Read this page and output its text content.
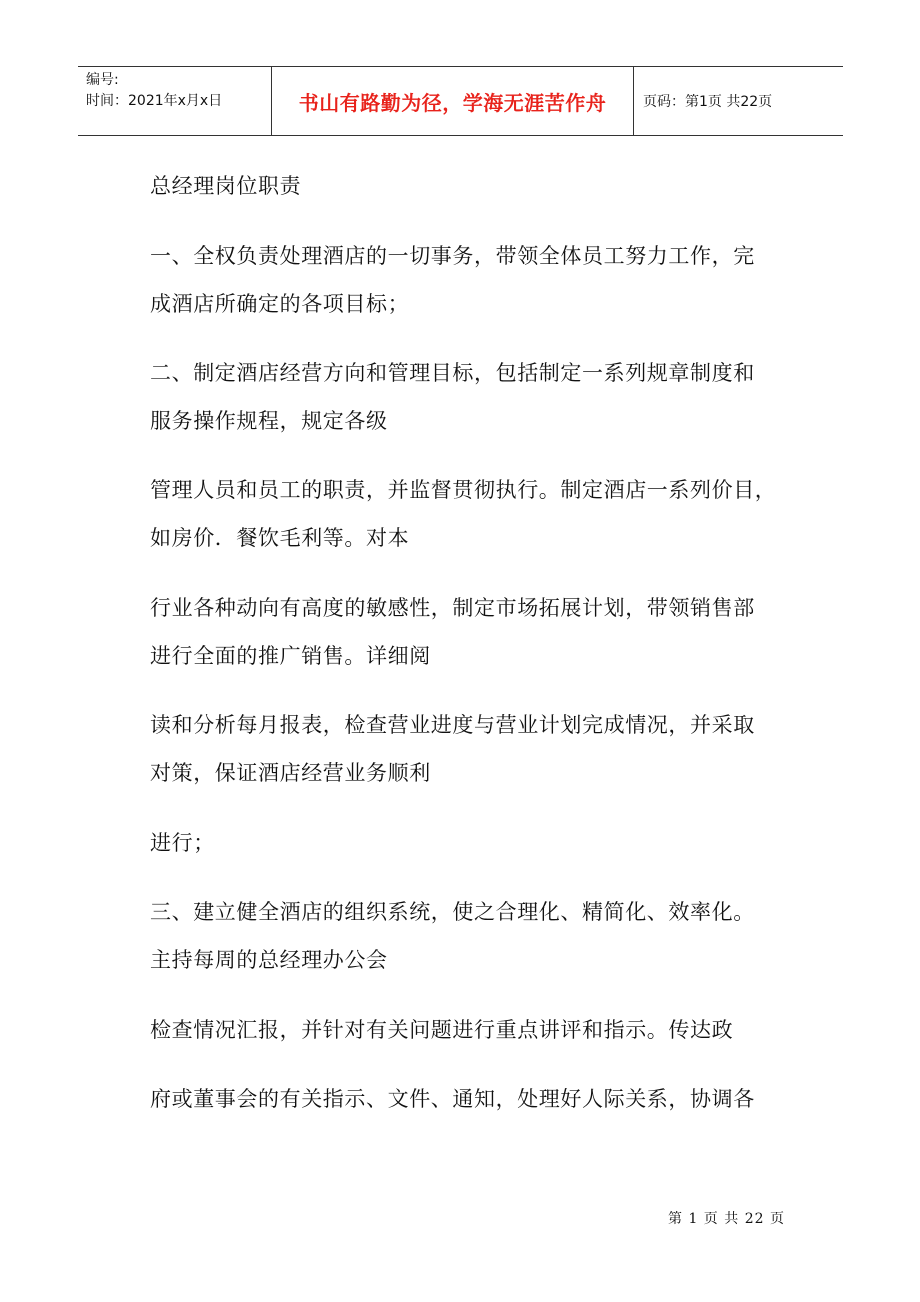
编号:
时间：2021年x月x日	书山有路勤为径，学海无涯苦作舟	页码：第1页 共22页
总经理岗位职责
一、全权负责处理酒店的一切事务，带领全体员工努力工作，完
成酒店所确定的各项目标；
二、制定酒店经营方向和管理目标，包括制定一系列规章制度和
服务操作规程，规定各级
管理人员和员工的职责，并监督贯彻执行。制定酒店一系列价目，
如房价．餐饮毛利等。对本
行业各种动向有高度的敏感性，制定市场拓展计划，带领销售部
进行全面的推广销售。详细阅
读和分析每月报表，检查营业进度与营业计划完成情况，并采取
对策，保证酒店经营业务顺利
进行；
三、建立健全酒店的组织系统，使之合理化、精简化、效率化。
主持每周的总经理办公会
检查情况汇报，并针对有关问题进行重点讲评和指示。传达政
府或董事会的有关指示、文件、通知，处理好人际关系，协调各
第 1 页 共 22 页
